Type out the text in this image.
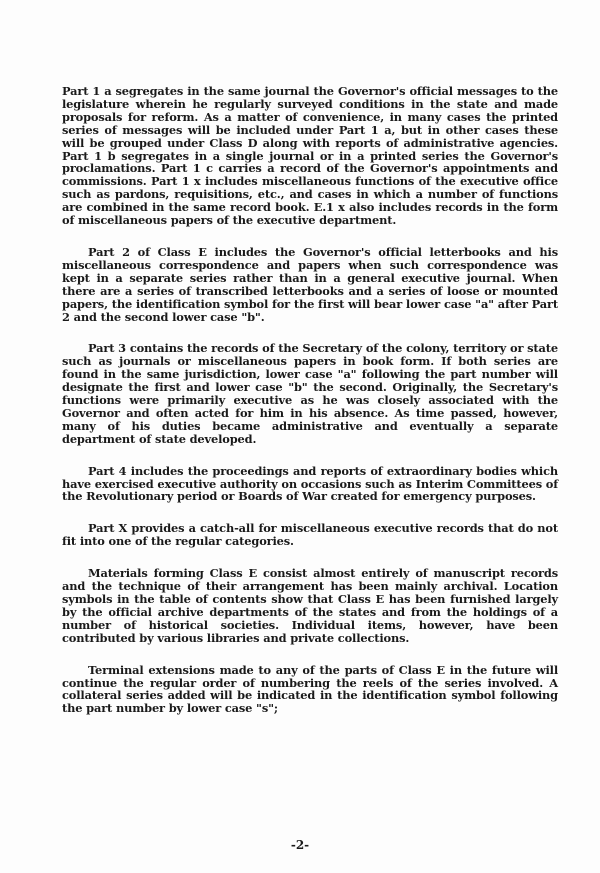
Part 1 a segregates in the same journal the Governor's official messages to the legislature wherein he regularly surveyed conditions in the state and made proposals for reform. As a matter of convenience, in many cases the printed series of messages will be included under Part 1 a, but in other cases these will be grouped under Class D along with reports of administrative agencies. Part 1 b segregates in a single journal or in a printed series the Governor's proclamations. Part 1 c carries a record of the Governor's appointments and commissions. Part 1 x includes miscellaneous functions of the executive office such as pardons, requisitions, etc., and cases in which a number of functions are combined in the same record book. E.1 x also includes records in the form of miscellaneous papers of the executive department.

Part 2 of Class E includes the Governor's official letterbooks and his miscellaneous correspondence and papers when such correspondence was kept in a separate series rather than in a general executive journal. When there are a series of transcribed letterbooks and a series of loose or mounted papers, the identification symbol for the first will bear lower case "a" after Part 2 and the second lower case "b".

Part 3 contains the records of the Secretary of the colony, territory or state such as journals or miscellaneous papers in book form. If both series are found in the same jurisdiction, lower case "a" following the part number will designate the first and lower case "b" the second. Originally, the Secretary's functions were primarily executive as he was closely associated with the Governor and often acted for him in his absence. As time passed, however, many of his duties became administrative and eventually a separate department of state developed.

Part 4 includes the proceedings and reports of extraordinary bodies which have exercised executive authority on occasions such as Interim Committees of the Revolutionary period or Boards of War created for emergency purposes.

Part X provides a catch-all for miscellaneous executive records that do not fit into one of the regular categories.

Materials forming Class E consist almost entirely of manuscript records and the technique of their arrangement has been mainly archival. Location symbols in the table of contents show that Class E has been furnished largely by the official archive departments of the states and from the holdings of a number of historical societies. Individual items, however, have been contributed by various libraries and private collections.

Terminal extensions made to any of the parts of Class E in the future will continue the regular order of numbering the reels of the series involved. A collateral series added will be indicated in the identification symbol following the part number by lower case "s";

-2-
